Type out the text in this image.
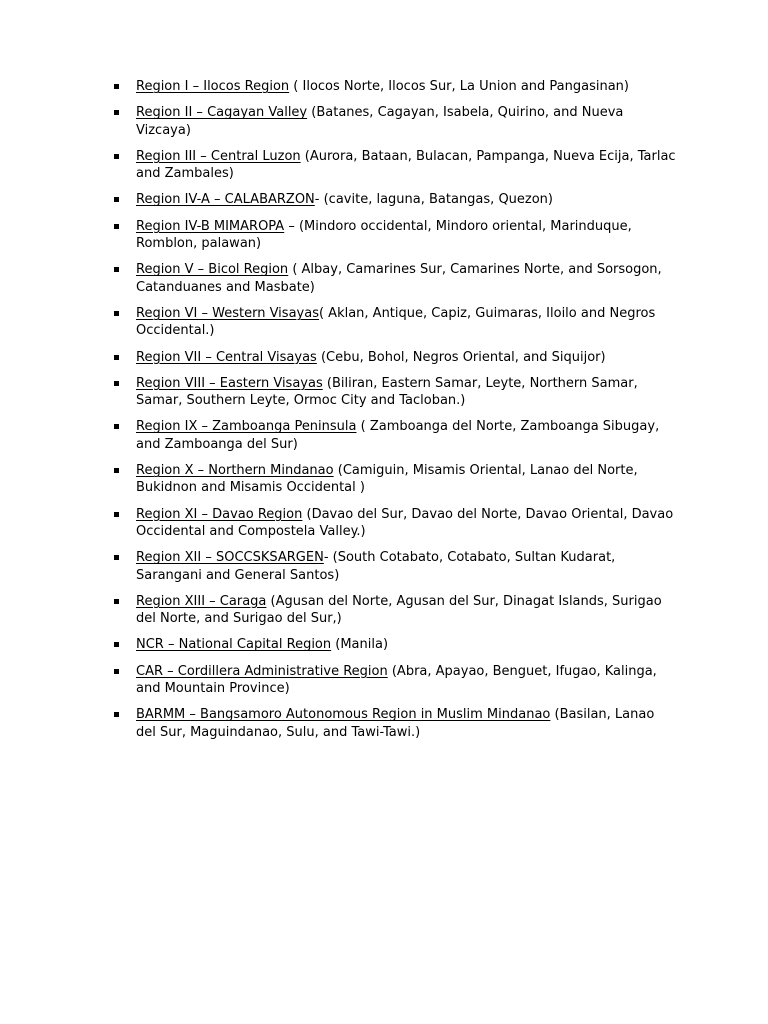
Region I – Ilocos Region ( Ilocos Norte, Ilocos Sur, La Union and Pangasinan)
Region II – Cagayan Valley (Batanes, Cagayan, Isabela, Quirino, and Nueva Vizcaya)
Region III – Central Luzon (Aurora, Bataan, Bulacan, Pampanga, Nueva Ecija, Tarlac and Zambales)
Region IV-A – CALABARZON- (cavite, laguna, Batangas, Quezon)
Region IV-B MIMAROPA – (Mindoro occidental, Mindoro oriental, Marinduque, Romblon, palawan)
Region V – Bicol Region ( Albay, Camarines Sur, Camarines Norte, and Sorsogon, Catanduanes and Masbate)
Region VI – Western Visayas( Aklan, Antique, Capiz, Guimaras, Iloilo and Negros Occidental.)
Region VII – Central Visayas (Cebu, Bohol, Negros Oriental, and Siquijor)
Region VIII – Eastern Visayas (Biliran, Eastern Samar, Leyte, Northern Samar, Samar, Southern Leyte, Ormoc City and Tacloban.)
Region IX – Zamboanga Peninsula ( Zamboanga del Norte, Zamboanga Sibugay, and Zamboanga del Sur)
Region X – Northern Mindanao (Camiguin, Misamis Oriental, Lanao del Norte, Bukidnon and Misamis Occidental )
Region XI – Davao Region (Davao del Sur, Davao del Norte, Davao Oriental, Davao Occidental and Compostela Valley.)
Region XII – SOCCSKSARGEN- (South Cotabato, Cotabato, Sultan Kudarat, Sarangani and General Santos)
Region XIII – Caraga (Agusan del Norte, Agusan del Sur, Dinagat Islands, Surigao del Norte, and Surigao del Sur,)
NCR – National Capital Region (Manila)
CAR – Cordillera Administrative Region (Abra, Apayao, Benguet, Ifugao, Kalinga, and Mountain Province)
BARMM – Bangsamoro Autonomous Region in Muslim Mindanao (Basilan, Lanao del Sur, Maguindanao, Sulu, and Tawi-Tawi.)
